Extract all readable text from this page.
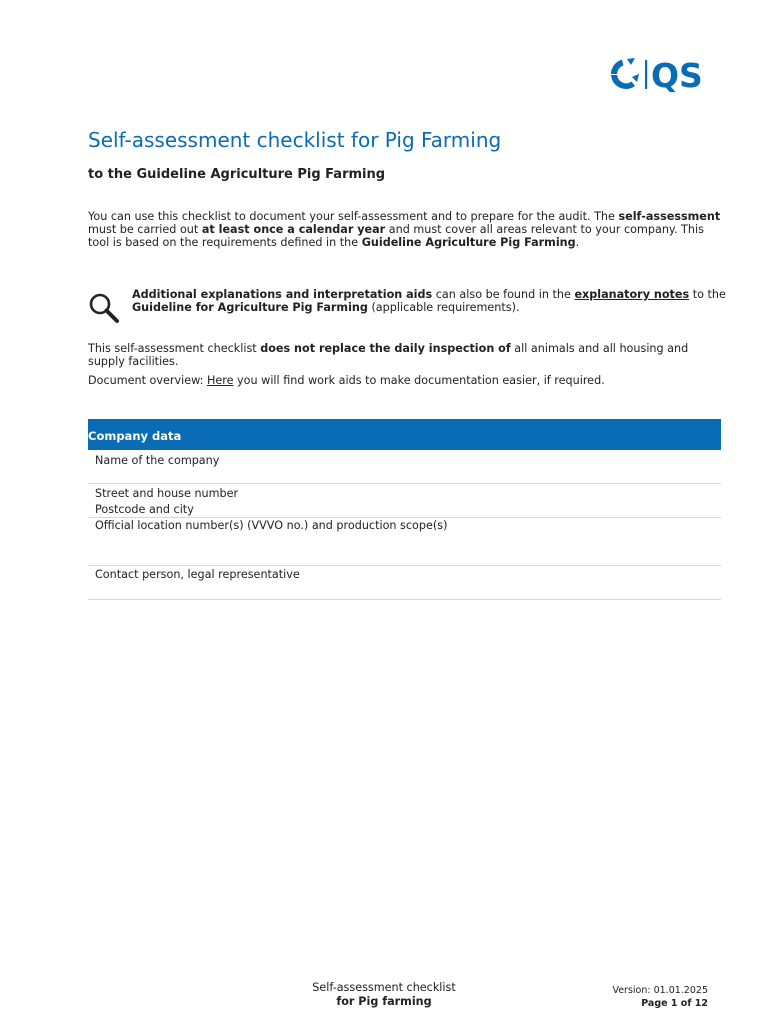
QS
Self-assessment checklist for Pig Farming
to the Guideline Agriculture Pig Farming

You can use this checklist to document your self-assessment and to prepare for the audit. The self-assessment must be carried out at least once a calendar year and must cover all areas relevant to your company. This tool is based on the requirements defined in the Guideline Agriculture Pig Farming.

Additional explanations and interpretation aids can also be found in the explanatory notes to the Guideline for Agriculture Pig Farming (applicable requirements).

This self-assessment checklist does not replace the daily inspection of all animals and all housing and supply facilities.

Document overview: Here you will find work aids to make documentation easier, if required.

Company data
Name of the company
Street and house number
Postcode and city
Official location number(s) (VVVO no.) and production scope(s)
Contact person, legal representative
Self-assessment checklist
for Pig farming
Version: 01.01.2025
Page 1 of 12
